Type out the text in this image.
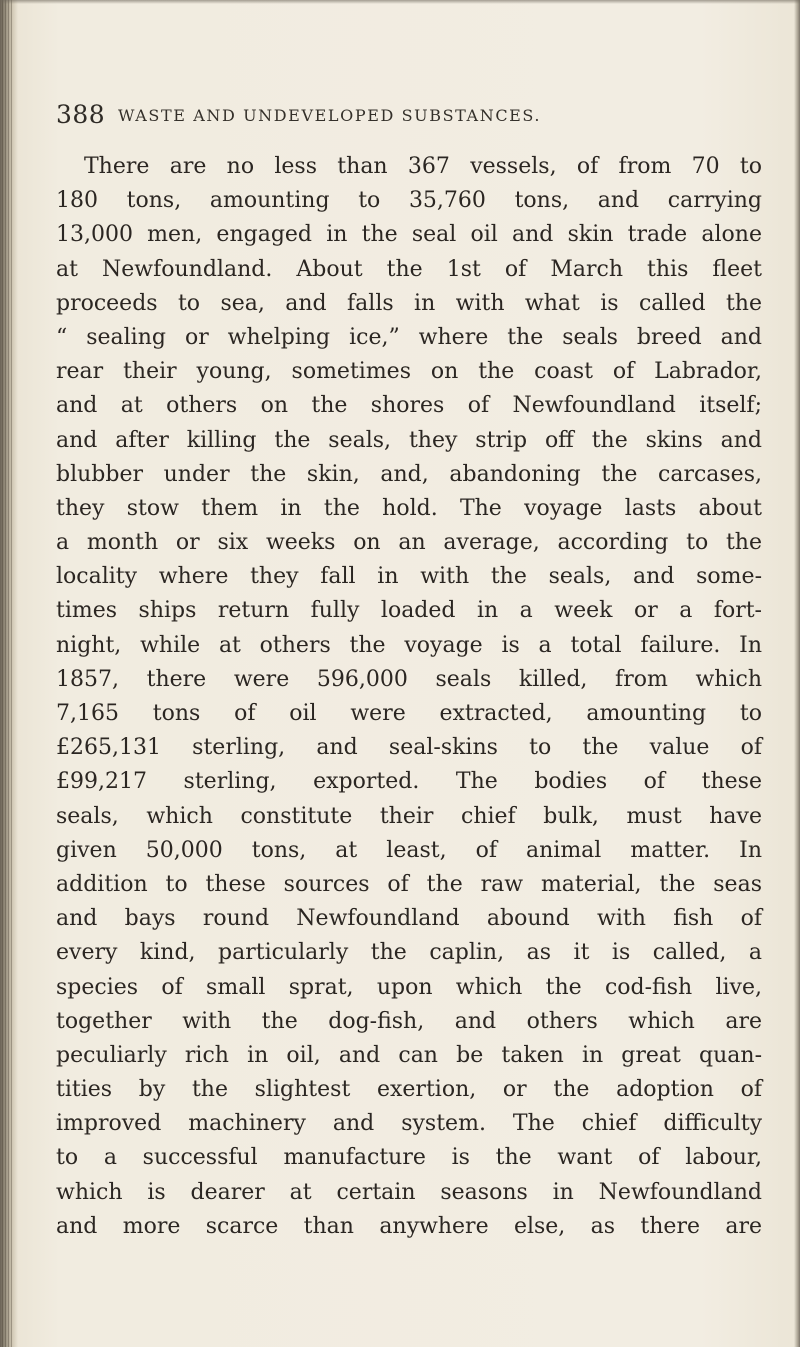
388 WASTE AND UNDEVELOPED SUBSTANCES.
There are no less than 367 vessels, of from 70 to
180 tons, amounting to 35,760 tons, and carrying
13,000 men, engaged in the seal oil and skin trade alone
at Newfoundland. About the 1st of March this fleet
proceeds to sea, and falls in with what is called the
“ sealing or whelping ice,” where the seals breed and
rear their young, sometimes on the coast of Labrador,
and at others on the shores of Newfoundland itself;
and after killing the seals, they strip off the skins and
blubber under the skin, and, abandoning the carcases,
they stow them in the hold. The voyage lasts about
a month or six weeks on an average, according to the
locality where they fall in with the seals, and some-
times ships return fully loaded in a week or a fort-
night, while at others the voyage is a total failure. In
1857, there were 596,000 seals killed, from which
7,165 tons of oil were extracted, amounting to
£265,131 sterling, and seal-skins to the value of
£99,217 sterling, exported. The bodies of these
seals, which constitute their chief bulk, must have
given 50,000 tons, at least, of animal matter. In
addition to these sources of the raw material, the seas
and bays round Newfoundland abound with fish of
every kind, particularly the caplin, as it is called, a
species of small sprat, upon which the cod-fish live,
together with the dog-fish, and others which are
peculiarly rich in oil, and can be taken in great quan-
tities by the slightest exertion, or the adoption of
improved machinery and system. The chief difficulty
to a successful manufacture is the want of labour,
which is dearer at certain seasons in Newfoundland
and more scarce than anywhere else, as there are
